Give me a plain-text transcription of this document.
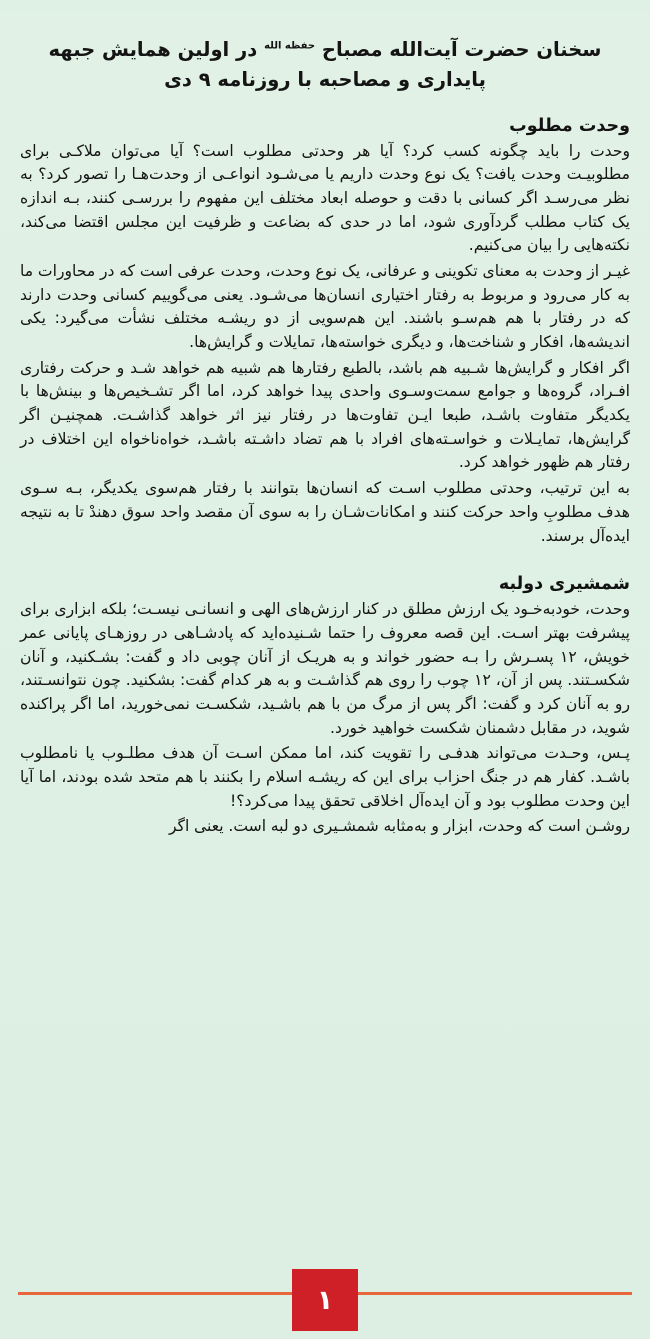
سخنان حضرت آیت‌الله مصباح $^{حفظه الله}$ در اولین همایش جبهه پایداری و مصاحبه با روزنامه ۹ دی
وحدت مطلوب

وحدت را باید چگونه کسب کرد؟ آیا هر وحدتی مطلوب است؟ آیا می‌توان ملاکـی برای مطلوبیـت وحدت یافت؟ یک نوع وحدت داریم یا می‌شـود انواعـی از وحدت‌هـا را تصور کرد؟ به نظر می‌رسـد اگر کسانی با دقت و حوصله ابعاد مختلف این مفهوم را بررسـی کنند، بـه اندازه یک کتاب مطلب گردآوری شود، اما در حدی که بضاعت و ظرفیت این مجلس اقتضا می‌کند، نکته‌هایی را بیان می‌کنیم.

غیـر از وحدت به معنای تکوینی و عرفانی، یک نوع وحدت، وحدت عرفی است که در محاورات ما به کار می‌رود و مربوط به رفتار اختیاری انسان‌ها می‌شـود. یعنی می‌گوییم کسانی وحدت دارند که در رفتار با هم هم‌سـو باشند. این هم‌سویی از دو ریشـه مختلف نشأت می‌گیرد: یکی اندیشه‌ها، افکار و شناخت‌ها، و دیگری خواسته‌ها، تمایلات و گرایش‌ها.

اگر افکار و گرایش‌ها شـبیه هم باشد، بالطبع رفتارها هم شبیه هم خواهد شـد و حرکت رفتاری افـراد، گروه‌ها و جوامع سمت‌وسـوی واحدی پیدا خواهد کرد، اما اگر تشـخیص‌ها و بینش‌ها با یکدیگر متفاوت باشـد، طبعا ایـن تفاوت‌ها در رفتار نیز اثر خواهد گذاشـت. همچنیـن اگر گرایش‌ها، تمایـلات و خواسـته‌های افراد با هم تضاد داشـته باشـد، خواه‌ناخواه این اختلاف در رفتار هم ظهور خواهد کرد.

به این ترتیب، وحدتی مطلوب اسـت که انسان‌ها بتوانند با رفتار هم‌سوی یکدیگر، بـه سـوی هدف مطلوبِ واحد حرکت کنند و امکانات‌شـان را به سوی آن مقصد واحد سوق دهندْ تا به نتیجه ایده‌آل برسند.

شمشیری دولبه

وحدت، خودبه‌خـود یک ارزش مطلق در کنار ارزش‌های الهی و انسانـی نیسـت؛ بلکه ابزاری برای پیشرفت بهتر اسـت. این قصه معروف را حتما شـنیده‌اید که پادشـاهی در روزهـای پایانی عمر خویش، ۱۲ پسـرش را بـه حضور خواند و به هریـک از آنان چوبی داد و گفت: بشـکنید، و آنان شکسـتند. پس از آن، ۱۲ چوب را روی هم گذاشـت و به هر کدام گفت: بشکنید. چون نتوانسـتند، رو به آنان کرد و گفت: اگر پس از مرگ من با هم باشـید، شکسـت نمی‌خورید، اما اگر پراکنده شوید، در مقابل دشمنان شکست خواهید خورد.

پـس، وحـدت می‌تواند هدفـی را تقویت کند، اما ممکن اسـت آن هدف مطلـوب یا نامطلوب باشـد. کفار هم در جنگ احزاب برای این که ریشـه اسلام را بکنند با هم متحد شده بودند، اما آیا این وحدت مطلوب بود و آن ایده‌آل اخلاقی تحقق پیدا می‌کرد؟!

روشـن است که وحدت، ابزار و به‌مثابه شمشـیری دو لبه است. یعنی اگر

۱
